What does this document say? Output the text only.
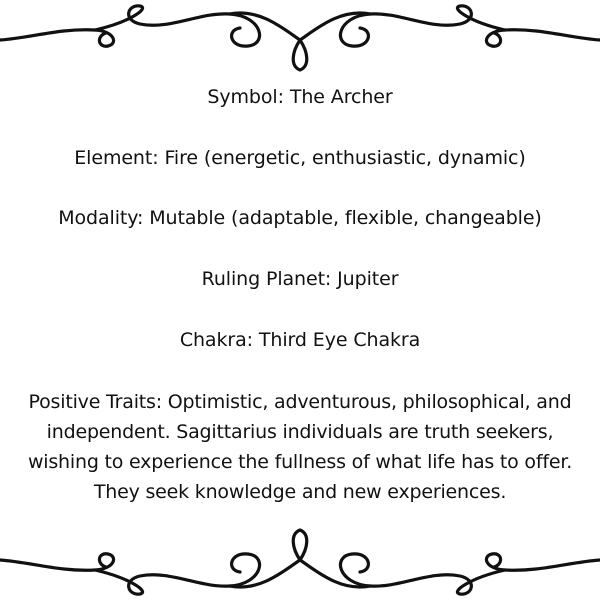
Symbol: The Archer
Element: Fire (energetic, enthusiastic, dynamic)
Modality: Mutable (adaptable, flexible, changeable)
Ruling Planet: Jupiter
Chakra: Third Eye Chakra
Positive Traits: Optimistic, adventurous, philosophical, and
independent. Sagittarius individuals are truth seekers,
wishing to experience the fullness of what life has to offer.
They seek knowledge and new experiences.
